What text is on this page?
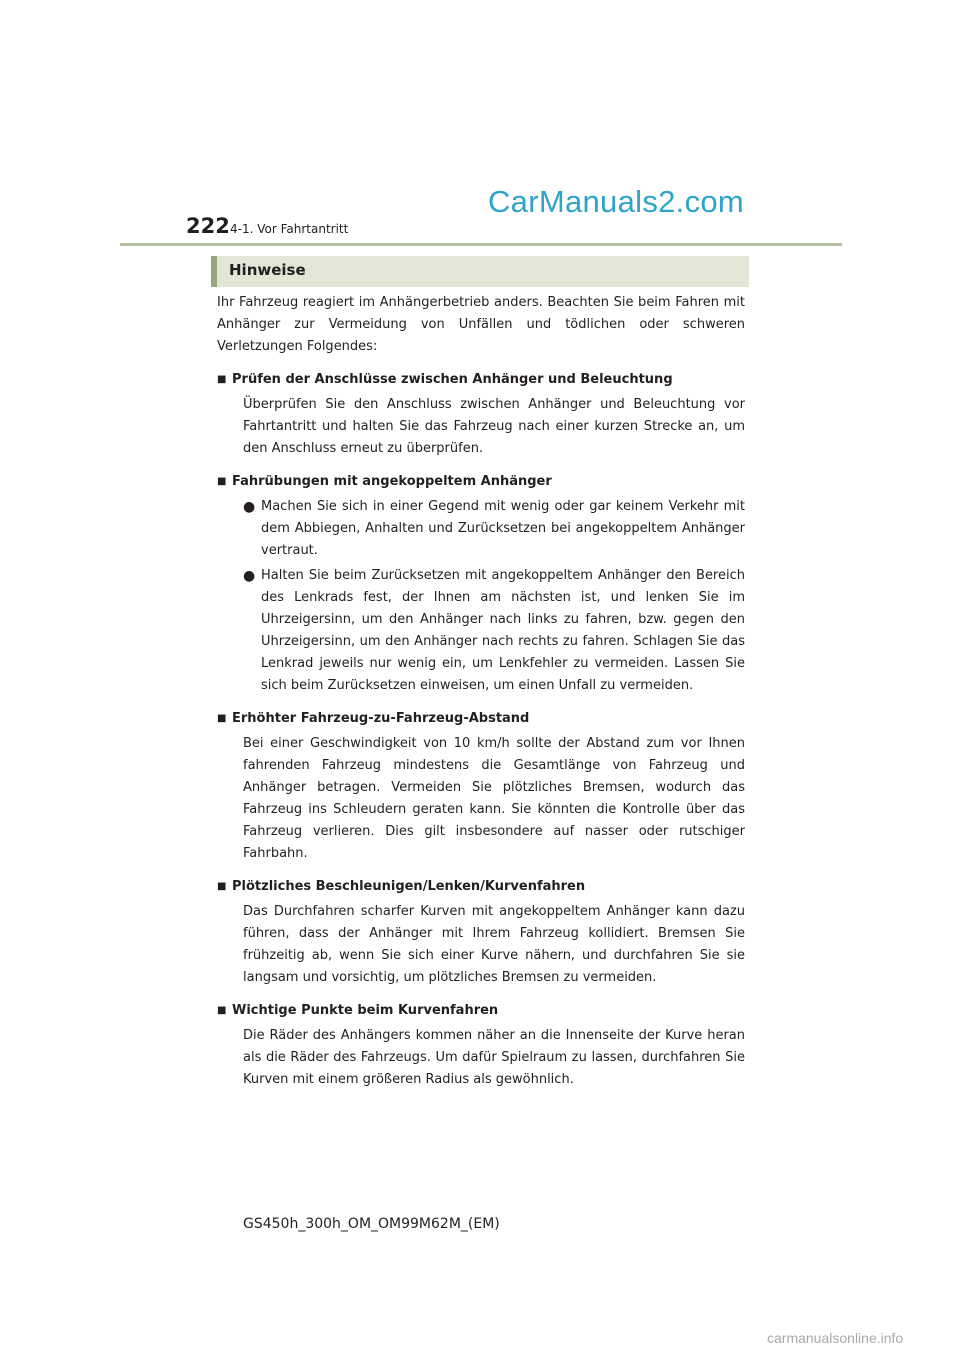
222 4-1. Vor Fahrtantritt
CarManuals2.com
Hinweise

Ihr Fahrzeug reagiert im Anhängerbetrieb anders. Beachten Sie beim Fahren mit Anhänger zur Vermeidung von Unfällen und tödlichen oder schweren Verletzungen Folgendes:

■ Prüfen der Anschlüsse zwischen Anhänger und Beleuchtung

Überprüfen Sie den Anschluss zwischen Anhänger und Beleuchtung vor Fahrtantritt und halten Sie das Fahrzeug nach einer kurzen Strecke an, um den Anschluss erneut zu überprüfen.

■ Fahrübungen mit angekoppeltem Anhänger
● Machen Sie sich in einer Gegend mit wenig oder gar keinem Verkehr mit dem Abbiegen, Anhalten und Zurücksetzen bei angekoppeltem Anhänger vertraut.
● Halten Sie beim Zurücksetzen mit angekoppeltem Anhänger den Bereich des Lenkrads fest, der Ihnen am nächsten ist, und lenken Sie im Uhrzeigersinn, um den Anhänger nach links zu fahren, bzw. gegen den Uhrzeigersinn, um den Anhänger nach rechts zu fahren. Schlagen Sie das Lenkrad jeweils nur wenig ein, um Lenkfehler zu vermeiden. Lassen Sie sich beim Zurücksetzen einweisen, um einen Unfall zu vermeiden.
■ Erhöhter Fahrzeug-zu-Fahrzeug-Abstand

Bei einer Geschwindigkeit von 10 km/h sollte der Abstand zum vor Ihnen fahrenden Fahrzeug mindestens die Gesamtlänge von Fahrzeug und Anhänger betragen. Vermeiden Sie plötzliches Bremsen, wodurch das Fahrzeug ins Schleudern geraten kann. Sie könnten die Kontrolle über das Fahrzeug verlieren. Dies gilt insbesondere auf nasser oder rutschiger Fahrbahn.

■ Plötzliches Beschleunigen/Lenken/Kurvenfahren

Das Durchfahren scharfer Kurven mit angekoppeltem Anhänger kann dazu führen, dass der Anhänger mit Ihrem Fahrzeug kollidiert. Bremsen Sie frühzeitig ab, wenn Sie sich einer Kurve nähern, und durchfahren Sie sie langsam und vorsichtig, um plötzliches Bremsen zu vermeiden.

■ Wichtige Punkte beim Kurvenfahren

Die Räder des Anhängers kommen näher an die Innenseite der Kurve heran als die Räder des Fahrzeugs. Um dafür Spielraum zu lassen, durchfahren Sie Kurven mit einem größeren Radius als gewöhnlich.

GS450h_300h_OM_OM99M62M_(EM)
carmanualsonline.info
